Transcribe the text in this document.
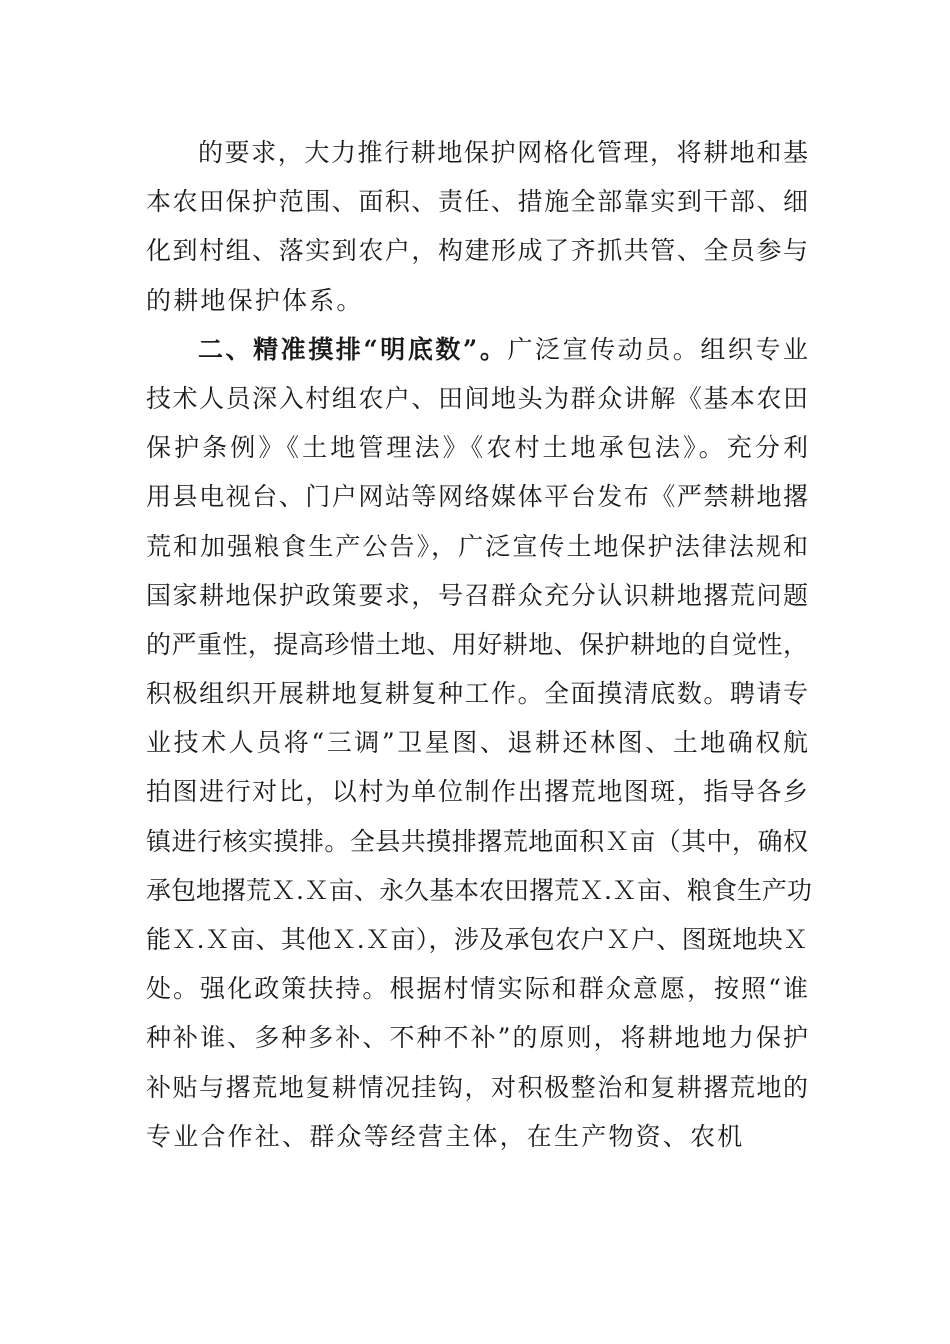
的要求，大力推行耕地保护网格化管理，将耕地和基
本农田保护范围、面积、责任、措施全部靠实到干部、细
化到村组、落实到农户，构建形成了齐抓共管、全员参与
的耕地保护体系。
二、精准摸排“明底数”。广泛宣传动员。组织专业
技术人员深入村组农户、田间地头为群众讲解《基本农田
保护条例》《土地管理法》《农村土地承包法》。充分利
用县电视台、门户网站等网络媒体平台发布《严禁耕地撂
荒和加强粮食生产公告》，广泛宣传土地保护法律法规和
国家耕地保护政策要求，号召群众充分认识耕地撂荒问题
的严重性，提高珍惜土地、用好耕地、保护耕地的自觉性，
积极组织开展耕地复耕复种工作。全面摸清底数。聘请专
业技术人员将“三调”卫星图、退耕还林图、土地确权航
拍图进行对比，以村为单位制作出撂荒地图斑，指导各乡
镇进行核实摸排。全县共摸排撂荒地面积Ｘ亩（其中，确权
承包地撂荒Ｘ.Ｘ亩、永久基本农田撂荒Ｘ.Ｘ亩、粮食生产功
能Ｘ.Ｘ亩、其他Ｘ.Ｘ亩），涉及承包农户Ｘ户、图斑地块Ｘ
处。强化政策扶持。根据村情实际和群众意愿，按照“谁
种补谁、多种多补、不种不补”的原则，将耕地地力保护
补贴与撂荒地复耕情况挂钩，对积极整治和复耕撂荒地的
专业合作社、群众等经营主体，在生产物资、农机
